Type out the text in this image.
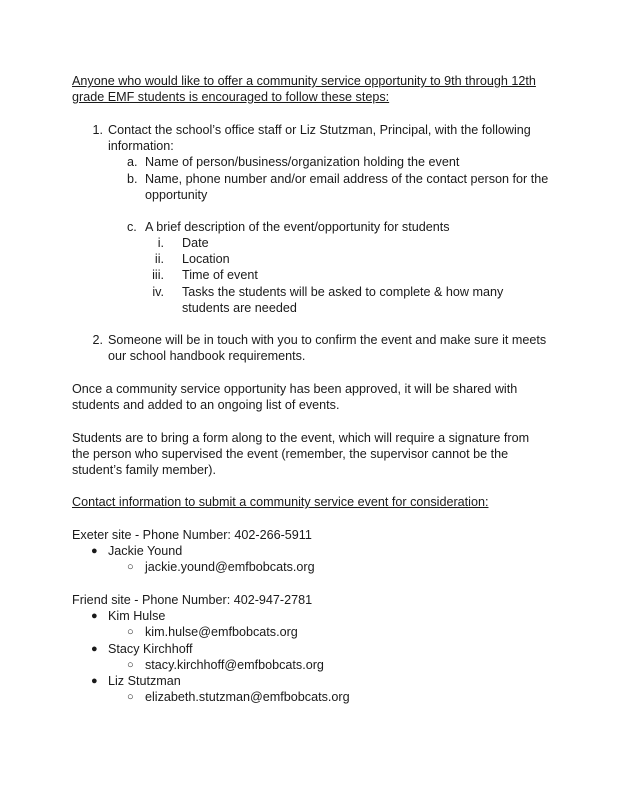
Anyone who would like to offer a community service opportunity to 9th through 12th
grade EMF students is encouraged to follow these steps:
1. Contact the school’s office staff or Liz Stutzman, Principal, with the following
information:
a. Name of person/business/organization holding the event
b. Name, phone number and/or email address of the contact person for the
opportunity
c. A brief description of the event/opportunity for students
i. Date
ii. Location
iii. Time of event
iv. Tasks the students will be asked to complete & how many
students are needed
2. Someone will be in touch with you to confirm the event and make sure it meets
our school handbook requirements.
Once a community service opportunity has been approved, it will be shared with
students and added to an ongoing list of events.
Students are to bring a form along to the event, which will require a signature from
the person who supervised the event (remember, the supervisor cannot be the
student’s family member).
Contact information to submit a community service event for consideration:
Exeter site - Phone Number: 402-266-5911
● Jackie Yound
○ jackie.yound@emfbobcats.org
Friend site - Phone Number: 402-947-2781
● Kim Hulse
○ kim.hulse@emfbobcats.org
● Stacy Kirchhoff
○ stacy.kirchhoff@emfbobcats.org
● Liz Stutzman
○ elizabeth.stutzman@emfbobcats.org
